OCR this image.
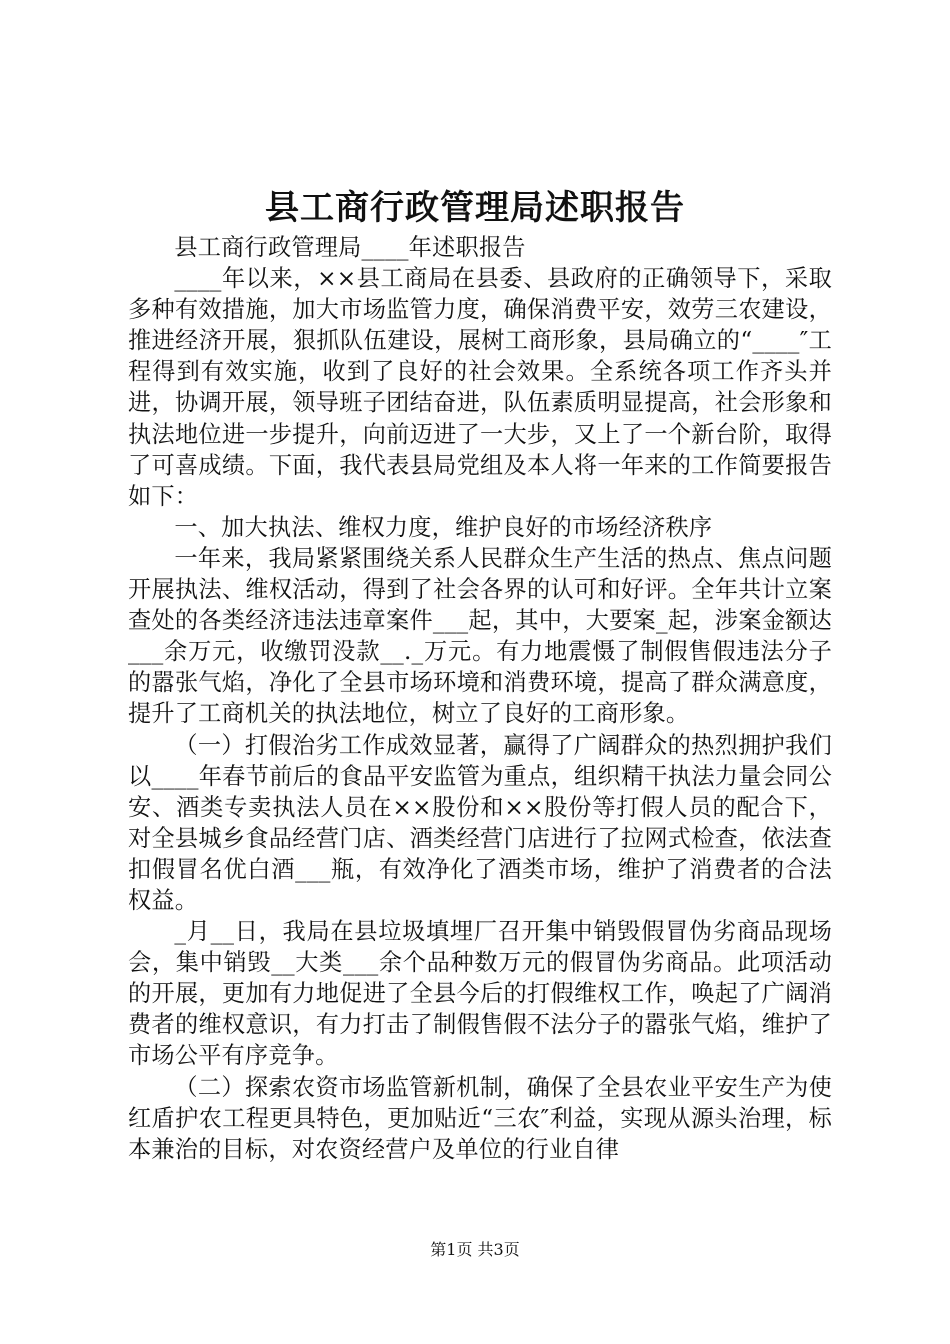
县工商行政管理局述职报告

县工商行政管理局____年述职报告

____年以来，××县工商局在县委、县政府的正确领导下，采取多种有效措施，加大市场监管力度，确保消费平安，效劳三农建设，推进经济开展，狠抓队伍建设，展树工商形象，县局确立的“____″工程得到有效实施，收到了良好的社会效果。全系统各项工作齐头并进，协调开展，领导班子团结奋进，队伍素质明显提高，社会形象和执法地位进一步提升，向前迈进了一大步，又上了一个新台阶，取得了可喜成绩。下面，我代表县局党组及本人将一年来的工作简要报告如下：

一、加大执法、维权力度，维护良好的市场经济秩序

一年来，我局紧紧围绕关系人民群众生产生活的热点、焦点问题开展执法、维权活动，得到了社会各界的认可和好评。全年共计立案查处的各类经济违法违章案件___起，其中，大要案_起，涉案金额达___余万元，收缴罚没款__._万元。有力地震慑了制假售假违法分子的嚣张气焰，净化了全县市场环境和消费环境，提高了群众满意度，提升了工商机关的执法地位，树立了良好的工商形象。

（一）打假治劣工作成效显著，赢得了广阔群众的热烈拥护我们以____年春节前后的食品平安监管为重点，组织精干执法力量会同公安、酒类专卖执法人员在××股份和××股份等打假人员的配合下，对全县城乡食品经营门店、酒类经营门店进行了拉网式检查，依法查扣假冒名优白酒___瓶，有效净化了酒类市场，维护了消费者的合法权益。

_月__日，我局在县垃圾填埋厂召开集中销毁假冒伪劣商品现场会，集中销毁__大类___余个品种数万元的假冒伪劣商品。此项活动的开展，更加有力地促进了全县今后的打假维权工作，唤起了广阔消费者的维权意识，有力打击了制假售假不法分子的嚣张气焰，维护了市场公平有序竞争。

（二）探索农资市场监管新机制，确保了全县农业平安生产为使红盾护农工程更具特色，更加贴近“三农″利益，实现从源头治理，标本兼治的目标，对农资经营户及单位的行业自律

第1页 共3页
